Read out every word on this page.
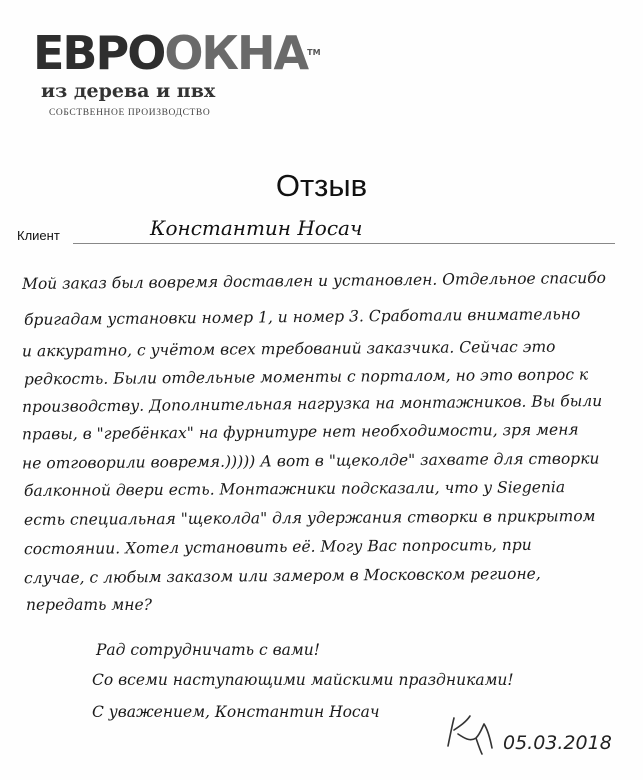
ЕВРООКНА™
из дерева и пвх
СОБСТВЕННОЕ ПРОИЗВОДСТВО
Отзыв
Клиент	Константин Носач
Мой заказ был вовремя доставлен и установлен. Отдельное спасибо
бригадам установки номер 1, и номер 3. Сработали внимательно
и аккуратно, с учётом всех требований заказчика. Сейчас это
редкость. Были отдельные моменты с порталом, но это вопрос к
производству. Дополнительная нагрузка на монтажников. Вы были
правы, в "гребёнках" на фурнитуре нет необходимости, зря меня
не отговорили вовремя.))))) А вот в "щеколде" захвате для створки
балконной двери есть. Монтажники подсказали, что у Siegenia
есть специальная "щеколда" для удержания створки в прикрытом
состоянии. Хотел установить её. Могу Вас попросить, при
случае, с любым заказом или замером в Московском регионе,
передать мне?
Рад сотрудничать с вами!
Со всеми наступающими майскими праздниками!
С уважением, Константин Носач
05.03.2018
